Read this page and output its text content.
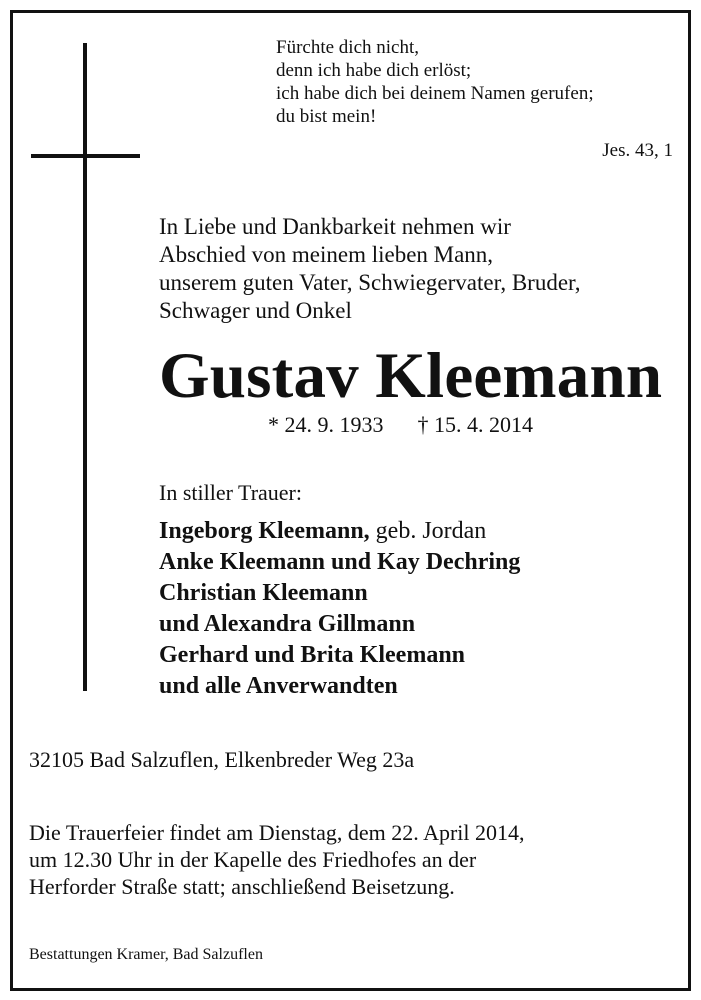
Fürchte dich nicht,
denn ich habe dich erlöst;
ich habe dich bei deinem Namen gerufen;
du bist mein!
Jes. 43, 1
In Liebe und Dankbarkeit nehmen wir
Abschied von meinem lieben Mann,
unserem guten Vater, Schwiegervater, Bruder,
Schwager und Onkel
Gustav Kleemann
* 24. 9. 1933 † 15. 4. 2014
In stiller Trauer:
Ingeborg Kleemann, geb. Jordan
Anke Kleemann und Kay Dechring
Christian Kleemann
und Alexandra Gillmann
Gerhard und Brita Kleemann
und alle Anverwandten
32105 Bad Salzuflen, Elkenbreder Weg 23a
Die Trauerfeier findet am Dienstag, dem 22. April 2014,
um 12.30 Uhr in der Kapelle des Friedhofes an der
Herforder Straße statt; anschließend Beisetzung.
Bestattungen Kramer, Bad Salzuflen
